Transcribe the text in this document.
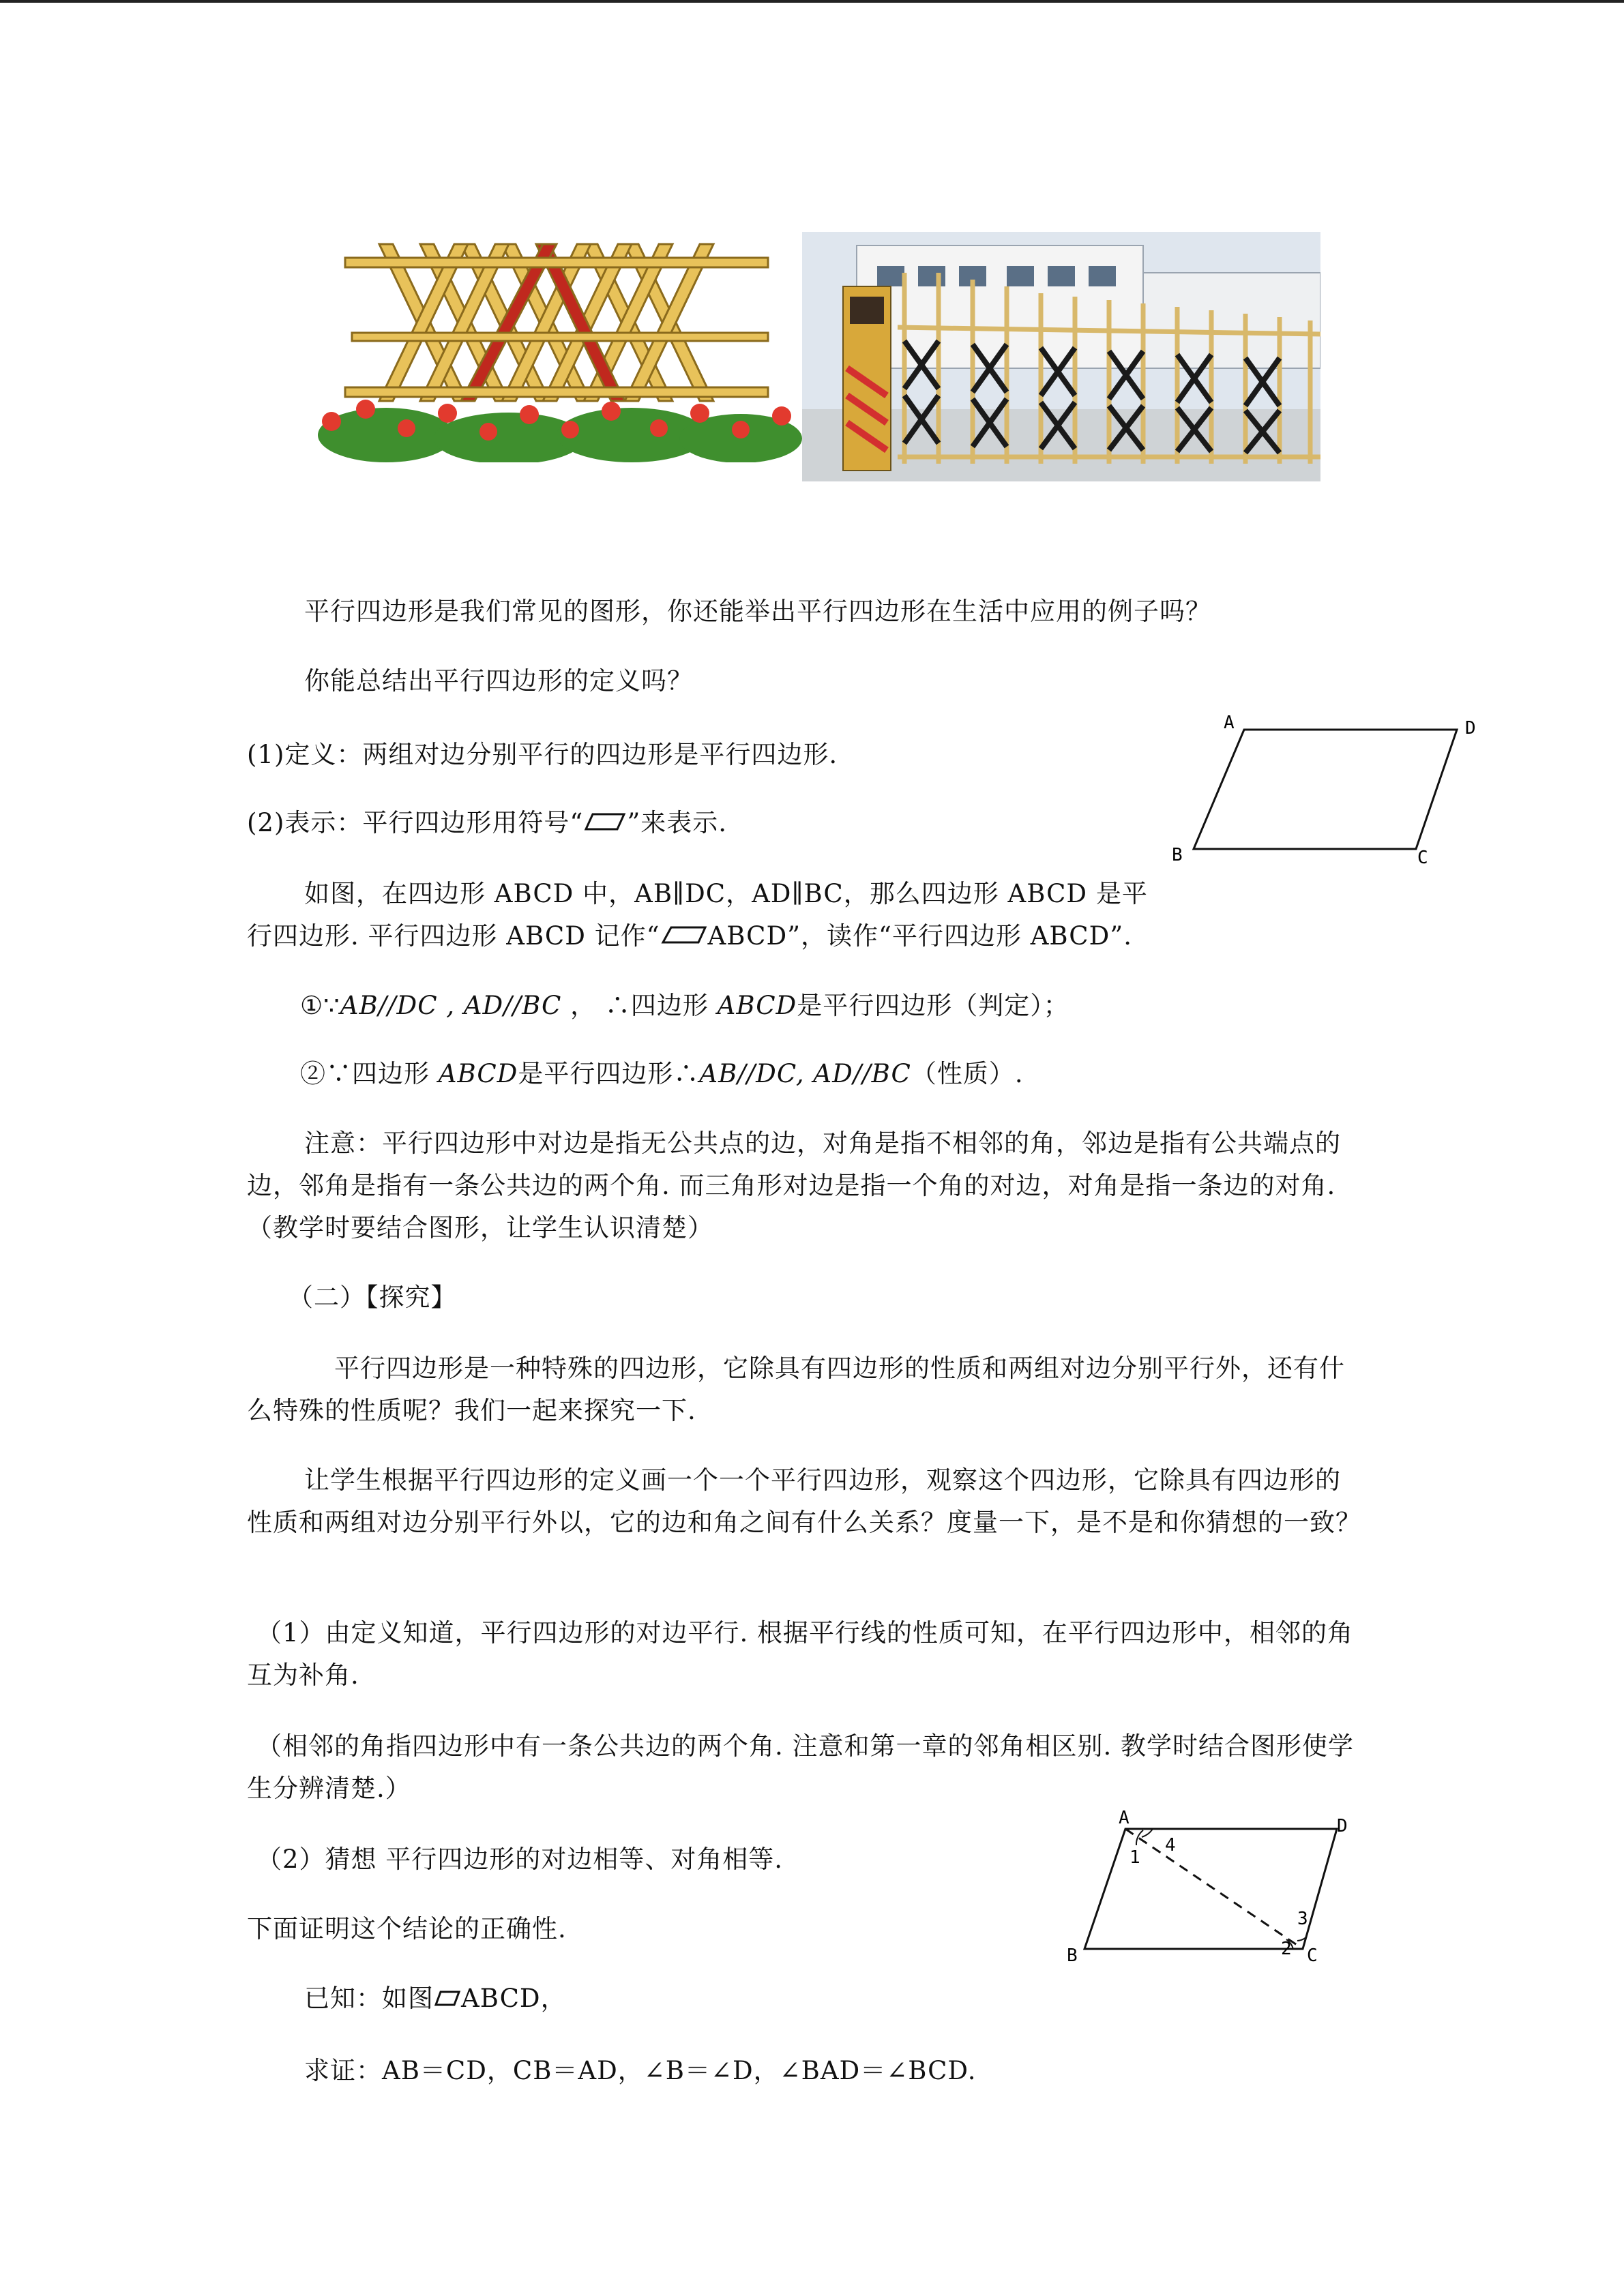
平行四边形是我们常见的图形，你还能举出平行四边形在生活中应用的例子吗？
你能总结出平行四边形的定义吗？
(1)定义：两组对边分别平行的四边形是平行四边形.
(2)表示：平行四边形用符号“ ”来表示.
A	D
B	C
如图，在四边形 ABCD 中，AB∥DC，AD∥BC，那么四边形 ABCD 是平
行四边形. 平行四边形 ABCD 记作“ ABCD”，读作“平行四边形 ABCD”.
①∵AB//DC , AD//BC ， ∴四边形 ABCD是平行四边形（判定）；
②∵四边形 ABCD是平行四边形∴AB//DC, AD//BC（性质）.
注意：平行四边形中对边是指无公共点的边，对角是指不相邻的角，邻边是指有公共端点的边，邻角是指有一条公共边的两个角. 而三角形对边是指一个角的对边，对角是指一条边的对角.（教学时要结合图形，让学生认识清楚）
（二）【探究】
平行四边形是一种特殊的四边形，它除具有四边形的性质和两组对边分别平行外，还有什么特殊的性质呢？我们一起来探究一下.
让学生根据平行四边形的定义画一个一个平行四边形，观察这个四边形，它除具有四边形的性质和两组对边分别平行外以，它的边和角之间有什么关系？度量一下，是不是和你猜想的一致？
（1）由定义知道，平行四边形的对边平行. 根据平行线的性质可知，在平行四边形中，相邻的角互为补角.
（相邻的角指四边形中有一条公共边的两个角. 注意和第一章的邻角相区别. 教学时结合图形使学生分辨清楚.）
（2）猜想 平行四边形的对边相等、对角相等.
下面证明这个结论的正确性.
A	D
B	C
1
4
2
3
已知：如图 ABCD，
求证：AB＝CD，CB＝AD，∠B＝∠D，∠BAD＝∠BCD.
